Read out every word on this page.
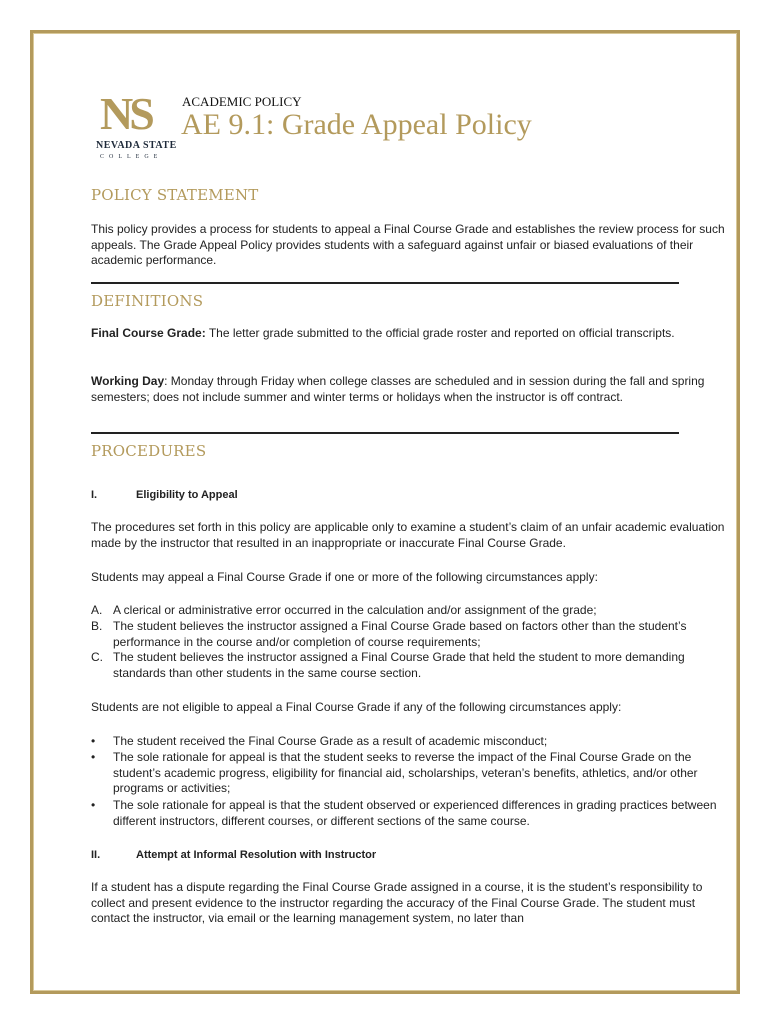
NS
NEVADA STATE
COLLEGE
ACADEMIC POLICY
AE 9.1: Grade Appeal Policy
POLICY STATEMENT
This policy provides a process for students to appeal a Final Course Grade and establishes the review process for such appeals. The Grade Appeal Policy provides students with a safeguard against unfair or biased evaluations of their academic performance.
DEFINITIONS
Final Course Grade: The letter grade submitted to the official grade roster and reported on official transcripts.
Working Day: Monday through Friday when college classes are scheduled and in session during the fall and spring semesters; does not include summer and winter terms or holidays when the instructor is off contract.
PROCEDURES
I.	Eligibility to Appeal
The procedures set forth in this policy are applicable only to examine a student’s claim of an unfair academic evaluation made by the instructor that resulted in an inappropriate or inaccurate Final Course Grade.
Students may appeal a Final Course Grade if one or more of the following circumstances apply:
A. A clerical or administrative error occurred in the calculation and/or assignment of the grade;
B. The student believes the instructor assigned a Final Course Grade based on factors other than the student’s performance in the course and/or completion of course requirements;
C. The student believes the instructor assigned a Final Course Grade that held the student to more demanding standards than other students in the same course section.
Students are not eligible to appeal a Final Course Grade if any of the following circumstances apply:
• The student received the Final Course Grade as a result of academic misconduct;
• The sole rationale for appeal is that the student seeks to reverse the impact of the Final Course Grade on the student’s academic progress, eligibility for financial aid, scholarships, veteran’s benefits, athletics, and/or other programs or activities;
• The sole rationale for appeal is that the student observed or experienced differences in grading practices between different instructors, different courses, or different sections of the same course.
II.	Attempt at Informal Resolution with Instructor
If a student has a dispute regarding the Final Course Grade assigned in a course, it is the student’s responsibility to collect and present evidence to the instructor regarding the accuracy of the Final Course Grade. The student must contact the instructor, via email or the learning management system, no later than
